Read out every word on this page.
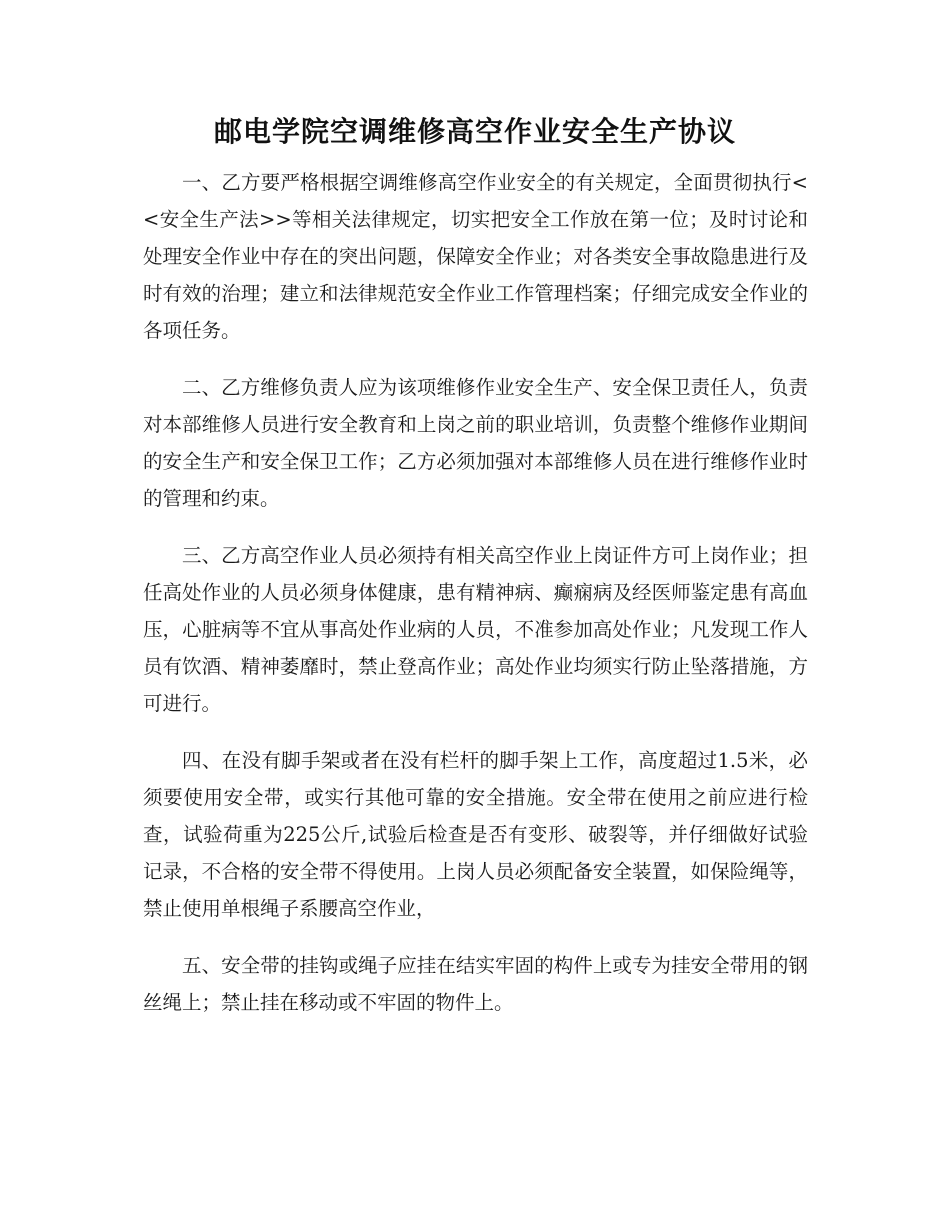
邮电学院空调维修高空作业安全生产协议

一、乙方要严格根据空调维修高空作业安全的有关规定，全面贯彻执行<<安全生产法>>等相关法律规定，切实把安全工作放在第一位；及时讨论和处理安全作业中存在的突出问题，保障安全作业；对各类安全事故隐患进行及时有效的治理；建立和法律规范安全作业工作管理档案；仔细完成安全作业的各项任务。

二、乙方维修负责人应为该项维修作业安全生产、安全保卫责任人，负责对本部维修人员进行安全教育和上岗之前的职业培训，负责整个维修作业期间的安全生产和安全保卫工作；乙方必须加强对本部维修人员在进行维修作业时的管理和约束。

三、乙方高空作业人员必须持有相关高空作业上岗证件方可上岗作业；担任高处作业的人员必须身体健康，患有精神病、癫痫病及经医师鉴定患有高血压，心脏病等不宜从事高处作业病的人员，不准参加高处作业；凡发现工作人员有饮酒、精神萎靡时，禁止登高作业；高处作业均须实行防止坠落措施，方可进行。

四、在没有脚手架或者在没有栏杆的脚手架上工作，高度超过1.5米，必须要使用安全带，或实行其他可靠的安全措施。安全带在使用之前应进行检查，试验荷重为225公斤,试验后检查是否有变形、破裂等，并仔细做好试验记录，不合格的安全带不得使用。上岗人员必须配备安全装置，如保险绳等，禁止使用单根绳子系腰高空作业，

五、安全带的挂钩或绳子应挂在结实牢固的构件上或专为挂安全带用的钢丝绳上；禁止挂在移动或不牢固的物件上。
